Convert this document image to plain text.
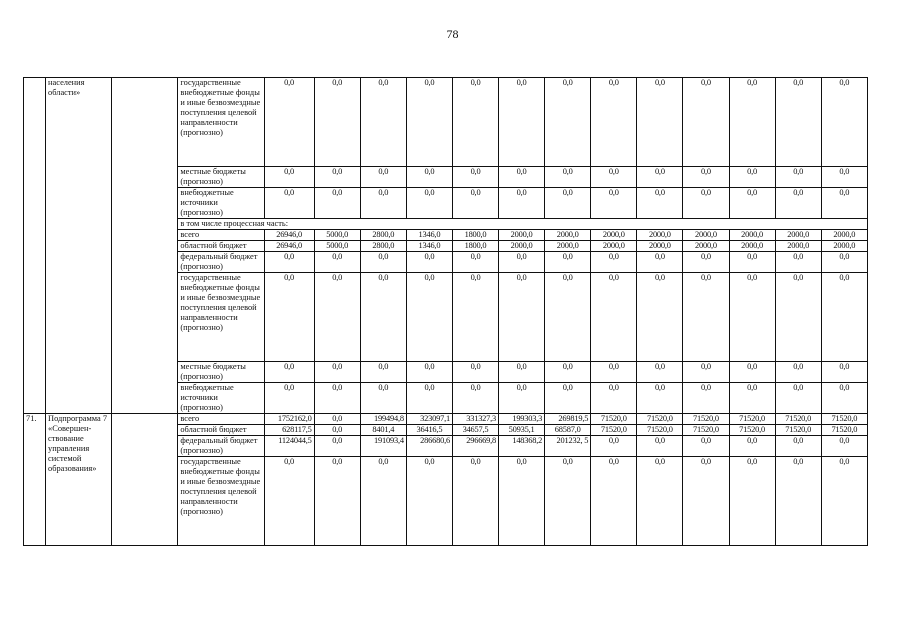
78
	населения области»		государственные внебюджетные фонды и иные безвозмездные поступления целевой направленности (прогнозно)	0,0	0,0	0,0	0,0	0,0	0,0	0,0	0,0	0,0	0,0	0,0	0,0	0,0
			местные бюджеты (прогнозно)	0,0	0,0	0,0	0,0	0,0	0,0	0,0	0,0	0,0	0,0	0,0	0,0	0,0
			внебюджетные источники (прогнозно)	0,0	0,0	0,0	0,0	0,0	0,0	0,0	0,0	0,0	0,0	0,0	0,0	0,0
			в том числе процессная часть:													
			всего	26946,0	5000,0	2800,0	1346,0	1800,0	2000,0	2000,0	2000,0	2000,0	2000,0	2000,0	2000,0	2000,0
			областной бюджет	26946,0	5000,0	2800,0	1346,0	1800,0	2000,0	2000,0	2000,0	2000,0	2000,0	2000,0	2000,0	2000,0
			федеральный бюджет (прогнозно)	0,0	0,0	0,0	0,0	0,0	0,0	0,0	0,0	0,0	0,0	0,0	0,0	0,0
			государственные внебюджетные фонды и иные безвозмездные поступления целевой направленности (прогнозно)	0,0	0,0	0,0	0,0	0,0	0,0	0,0	0,0	0,0	0,0	0,0	0,0	0,0
			местные бюджеты (прогнозно)	0,0	0,0	0,0	0,0	0,0	0,0	0,0	0,0	0,0	0,0	0,0	0,0	0,0
			внебюджетные источники (прогнозно)	0,0	0,0	0,0	0,0	0,0	0,0	0,0	0,0	0,0	0,0	0,0	0,0	0,0
71.	Подпрограмма 7 «Совершен-ствование управления системой образования»		всего	1752162,0	0,0	199494,8	323097,1	331327,3	199303,3	269819,5	71520,0	71520,0	71520,0	71520,0	71520,0	71520,0
			областной бюджет	628117,5	0,0	8401,4	36416,5	34657,5	50935,1	68587,0	71520,0	71520,0	71520,0	71520,0	71520,0	71520,0
			федеральный бюджет (прогнозно)	1124044,5	0,0	191093,4	286680,6	296669,8	148368,2	201232, 5	0,0	0,0	0,0	0,0	0,0	0,0
			государственные внебюджетные фонды и иные безвозмездные поступления целевой направленности (прогнозно)	0,0	0,0	0,0	0,0	0,0	0,0	0,0	0,0	0,0	0,0	0,0	0,0	0,0
